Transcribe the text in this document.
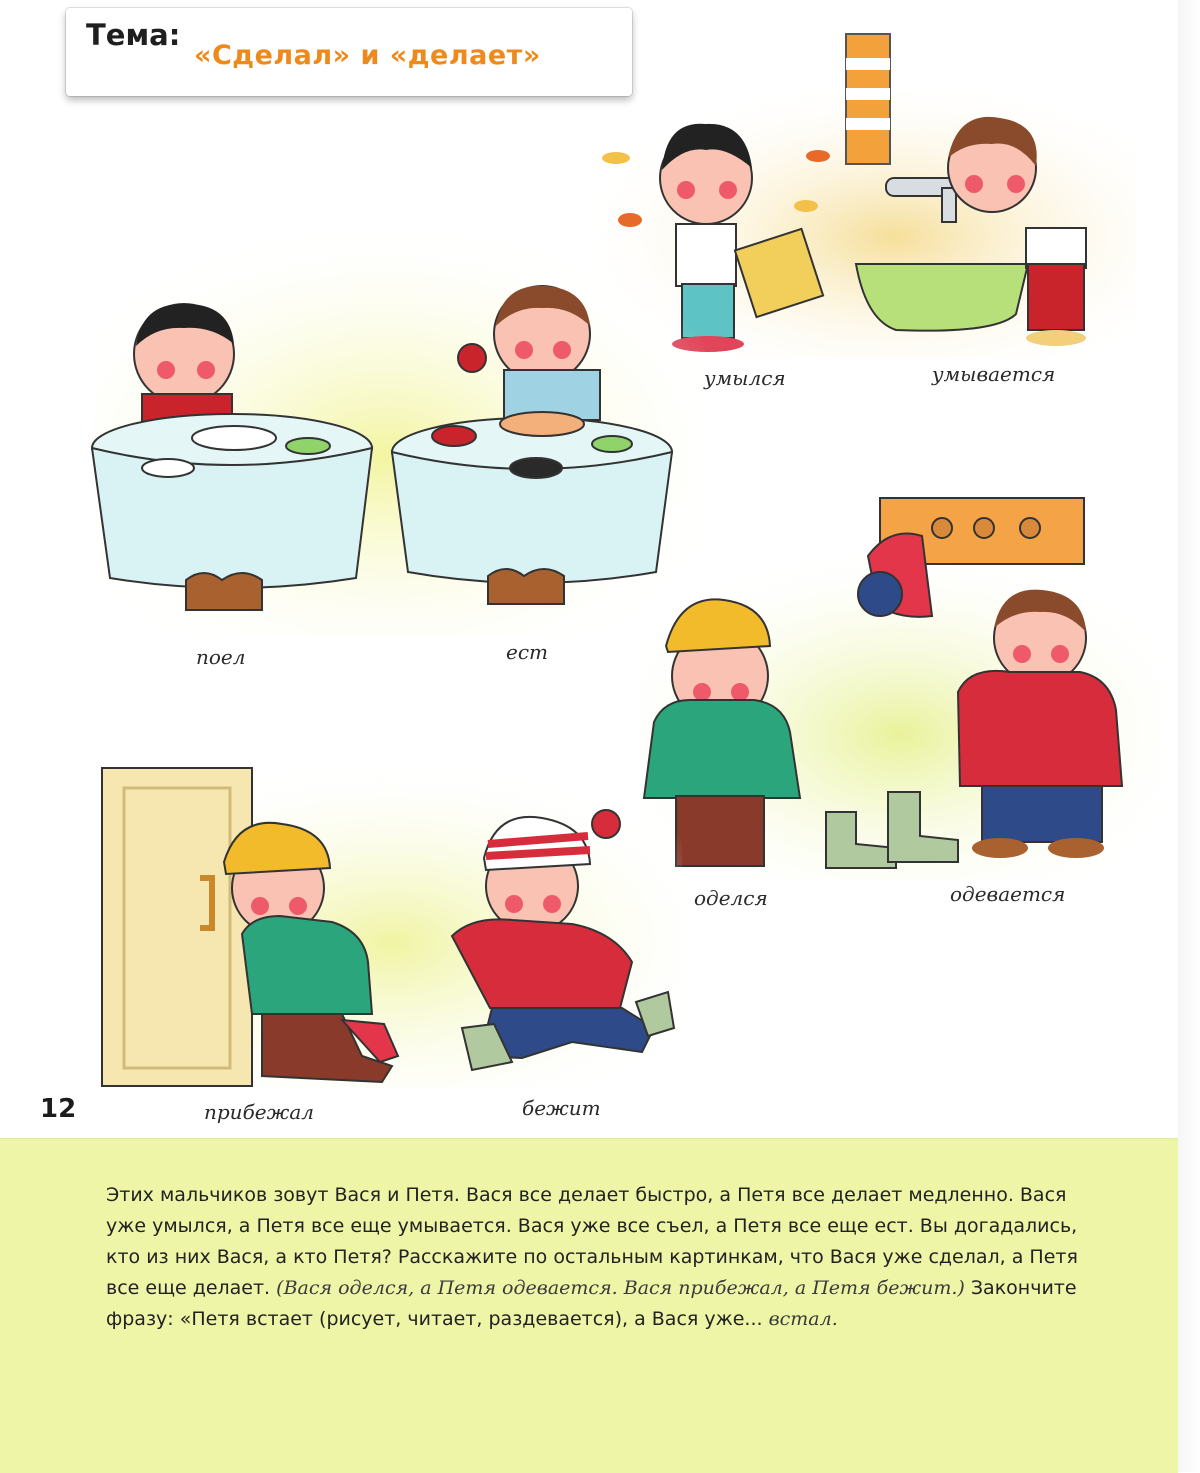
Тема:
«Сделал» и «делает»
умылся	умывается
поел	ест
оделся	одевается
прибежал	бежит
12

Этих мальчиков зовут Вася и Петя. Вася все делает быстро, а Петя все делает медленно. Вася уже умылся, а Петя все еще умывается. Вася уже все съел, а Петя все еще ест. Вы догадались, кто из них Вася, а кто Петя? Расскажите по остальным картинкам, что Вася уже сделал, а Петя все еще делает. (Вася оделся, а Петя одевается. Вася прибежал, а Петя бежит.) Закончите фразу: «Петя встает (рисует, читает, раздевается), а Вася уже... встал.
